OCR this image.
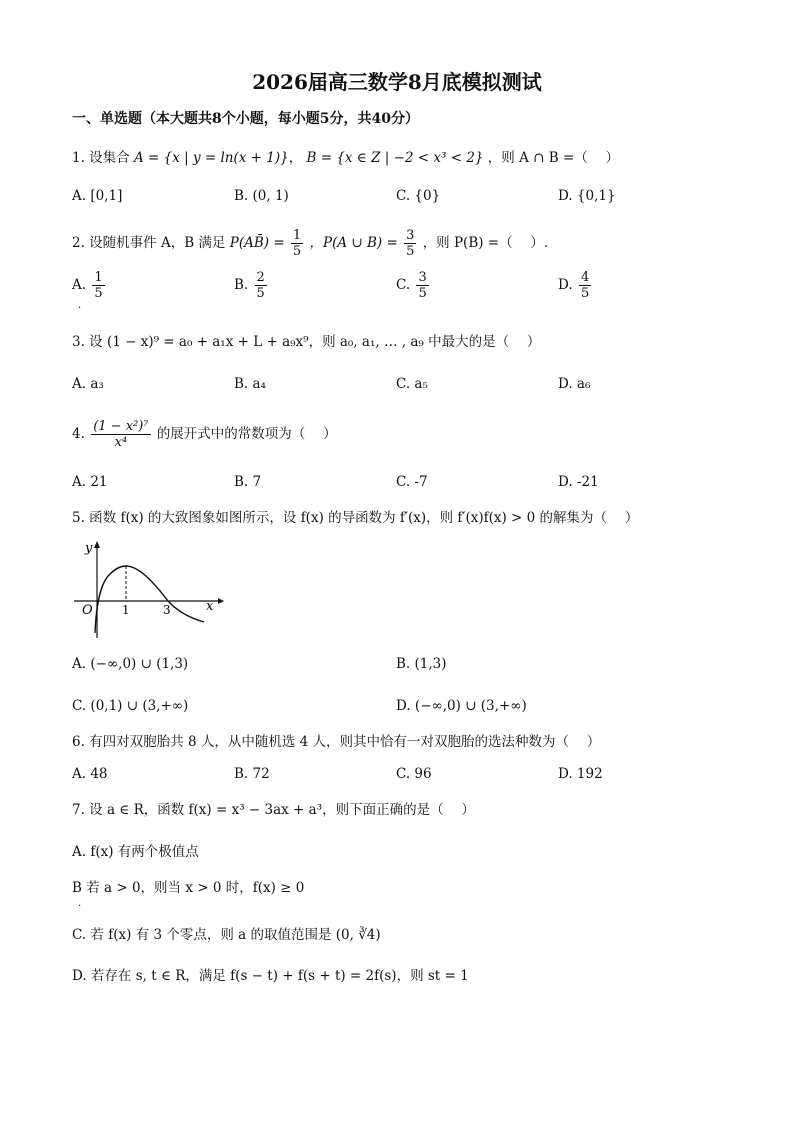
2026届高三数学8月底模拟测试
一、单选题（本大题共8个小题，每小题5分，共40分）
1. 设集合 A = {x | y = ln(x + 1)}， B = {x ∈ Z | −2 < x³ < 2} ，则 A ∩ B =（　 ）
A. [0,1]	B. (0, 1)	C. {0}	D. {0,1}
2. 设随机事件 A，B 满足 P(AB̄) = $\frac{1}{5}$ ，P(A ∪ $B) = \frac{3}{5}$ ，则 P(B) =（　 ）.
A. $\frac{1}{5}$	B. $\frac{2}{5}$	C. $\frac{3}{5}$	D. $\frac{4}{5}$
.
3. 设 (1 − x)⁹ = a₀ + a₁x + L + a₉x⁹，则 a₀, a₁, … , a₉ 中最大的是（　 ）
A. a₃	B. a₄	C. a₅	D. a₆
4. $\frac{\text{(1 − x²)⁷}}{\text{x⁴}}$ 的展开式中的常数项为（　 ）
A. 21	B. 7	C. -7	D. -21
5. 函数 f(x) 的大致图象如图所示，设 f(x) 的导函数为 f′(x)，则 f′(x)f(x) > 0 的解集为（　 ）
y
x
O 1	3
A. (−∞,0) ∪ (1,3)	B. (1,3)
C. (0,1) ∪ (3,+∞)	D. (−∞,0) ∪ (3,+∞)
6. 有四对双胞胎共 8 人，从中随机选 4 人，则其中恰有一对双胞胎的选法种数为（　 ）
A. 48	B. 72	C. 96	D. 192
7. 设 a ∈ R，函数 f(x) = x³ − 3ax + a³，则下面正确的是（　 ）
A. f(x) 有两个极值点
B 若 a > 0，则当 x > 0 时，f(x) ≥ 0
.
C. 若 f(x) 有 3 个零点，则 a 的取值范围是 (0, ∛4)
D. 若存在 s, t ∈ R，满足 f(s − t) + f(s + t) = 2f(s)，则 st = 1
